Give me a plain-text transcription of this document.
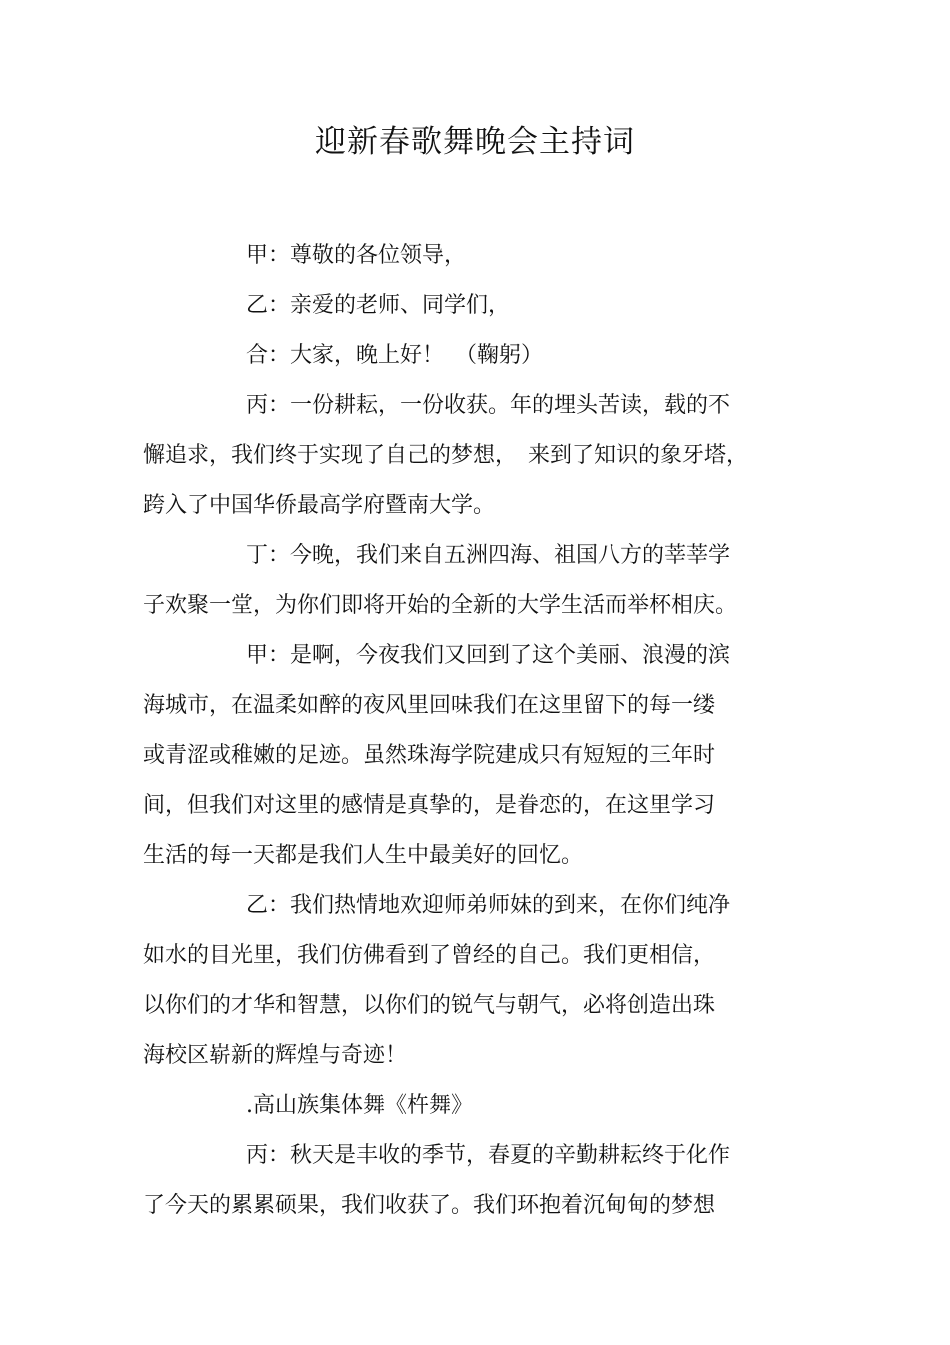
迎新春歌舞晚会主持词
甲：尊敬的各位领导，
乙：亲爱的老师、同学们，
合：大家，晚上好！　（鞠躬）
丙：一份耕耘，一份收获。年的埋头苦读，载的不
懈追求，我们终于实现了自己的梦想，　来到了知识的象牙塔，
跨入了中国华侨最高学府暨南大学。
丁：今晚，我们来自五洲四海、祖国八方的莘莘学
子欢聚一堂，为你们即将开始的全新的大学生活而举杯相庆。
甲：是啊，今夜我们又回到了这个美丽、浪漫的滨
海城市，在温柔如醉的夜风里回味我们在这里留下的每一缕
或青涩或稚嫩的足迹。虽然珠海学院建成只有短短的三年时
间，但我们对这里的感情是真挚的，是眷恋的，在这里学习
生活的每一天都是我们人生中最美好的回忆。
乙：我们热情地欢迎师弟师妹的到来，在你们纯净
如水的目光里，我们仿佛看到了曾经的自己。我们更相信，
以你们的才华和智慧，以你们的锐气与朝气，必将创造出珠
海校区崭新的辉煌与奇迹！
.高山族集体舞《杵舞》
丙：秋天是丰收的季节，春夏的辛勤耕耘终于化作
了今天的累累硕果，我们收获了。我们环抱着沉甸甸的梦想
